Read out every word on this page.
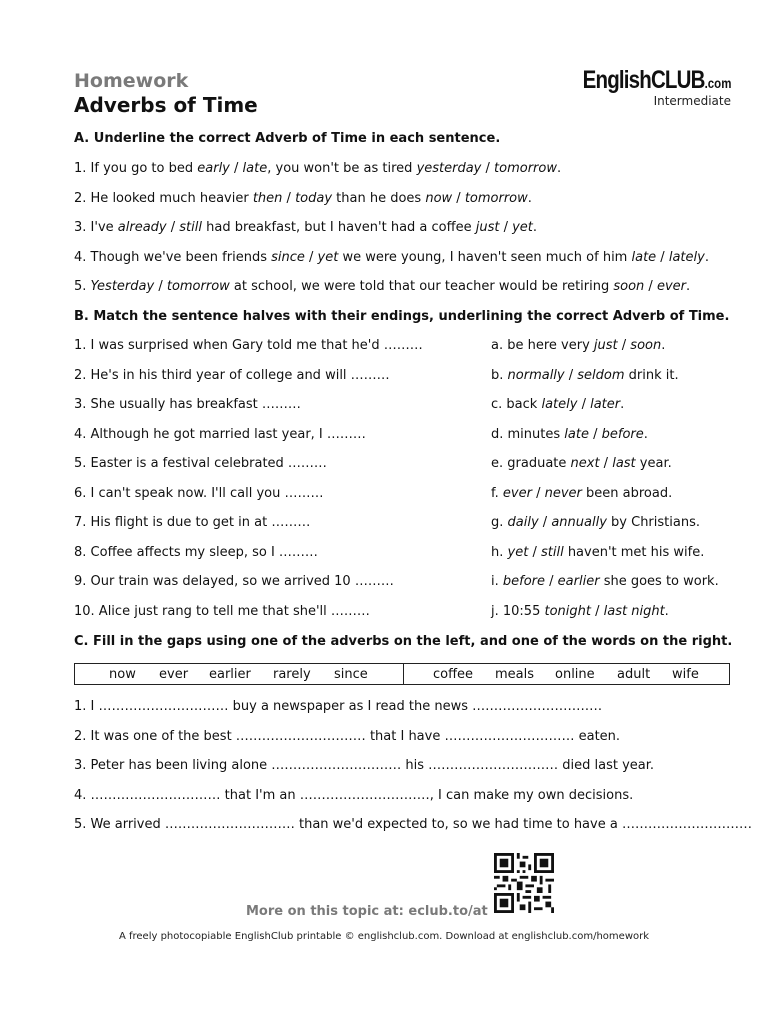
Homework
Adverbs of Time
EnglishCLUB.com
Intermediate
A. Underline the correct Adverb of Time in each sentence.
1. If you go to bed early / late, you won't be as tired yesterday / tomorrow.
2. He looked much heavier then / today than he does now / tomorrow.
3. I've already / still had breakfast, but I haven't had a coffee just / yet.
4. Though we've been friends since / yet we were young, I haven't seen much of him late / lately.
5. Yesterday / tomorrow at school, we were told that our teacher would be retiring soon / ever.
B. Match the sentence halves with their endings, underlining the correct Adverb of Time.
1. I was surprised when Gary told me that he'd ………
2. He's in his third year of college and will ………
3. She usually has breakfast ………
4. Although he got married last year, I ………
5. Easter is a festival celebrated ………
6. I can't speak now. I'll call you ………
7. His flight is due to get in at ………
8. Coffee affects my sleep, so I ………
9. Our train was delayed, so we arrived 10 ………
10. Alice just rang to tell me that she'll ………
a. be here very just / soon.
b. normally / seldom drink it.
c. back lately / later.
d. minutes late / before.
e. graduate next / last year.
f. ever / never been abroad.
g. daily / annually by Christians.
h. yet / still haven't met his wife.
i. before / earlier she goes to work.
j. 10:55 tonight / last night.
C. Fill in the gaps using one of the adverbs on the left, and one of the words on the right.
now ever earlier rarely since	coffee meals online adult wife
1. I ………………………… buy a newspaper as I read the news …………………………
2. It was one of the best ………………………… that I have ………………………… eaten.
3. Peter has been living alone ………………………… his ………………………… died last year.
4. ………………………… that I'm an …………………………, I can make my own decisions.
5. We arrived ………………………… than we'd expected to, so we had time to have a …………………………
More on this topic at: eclub.to/at
A freely photocopiable EnglishClub printable © englishclub.com. Download at englishclub.com/homework
